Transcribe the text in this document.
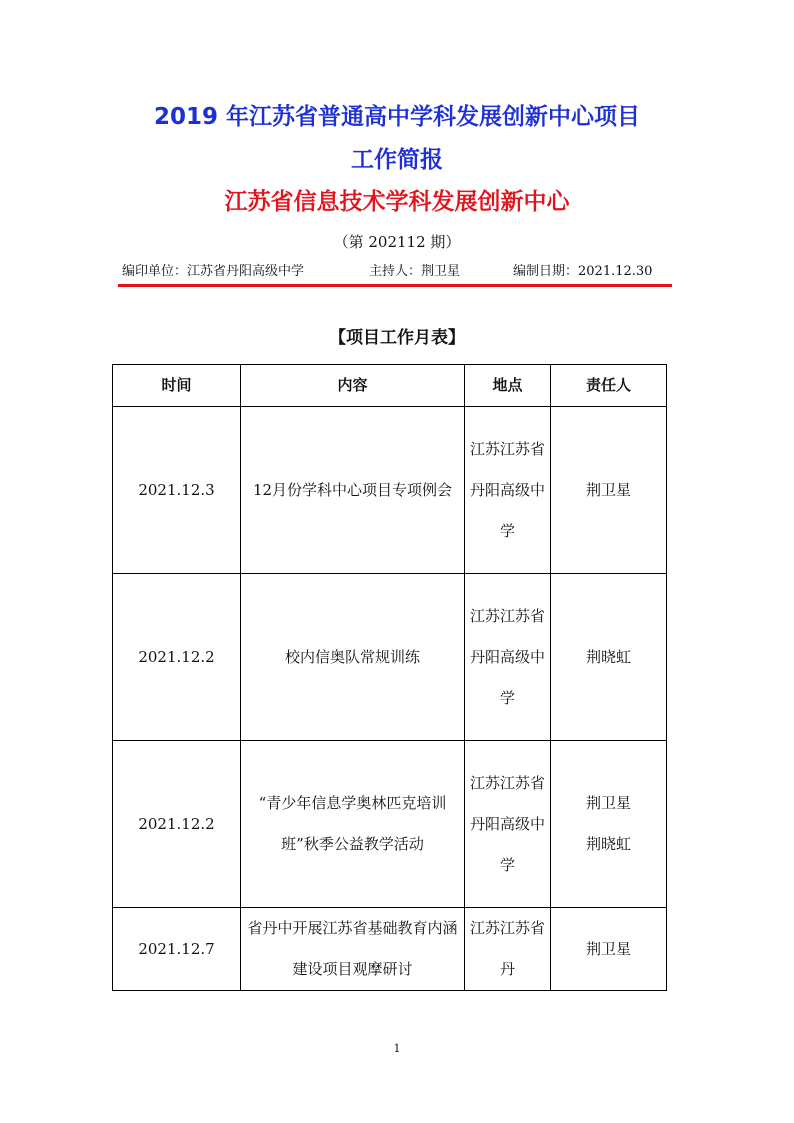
2019 年江苏省普通高中学科发展创新中心项目
工作简报
江苏省信息技术学科发展创新中心
（第 202112 期）
编印单位：江苏省丹阳高级中学	主持人：荆卫星	编制日期：2021.12.30
【项目工作月表】
时间	内容	地点	责任人
2021.12.3	12月份学科中心项目专项例会	江苏江苏省丹阳高级中学	荆卫星
2021.12.2	校内信奥队常规训练	江苏江苏省丹阳高级中学	荆晓虹
2021.12.2	“青少年信息学奥林匹克培训班”秋季公益教学活动	江苏江苏省丹阳高级中学	荆卫星 荆晓虹
2021.12.7	省丹中开展江苏省基础教育内涵建设项目观摩研讨	江苏江苏省丹	荆卫星
1
